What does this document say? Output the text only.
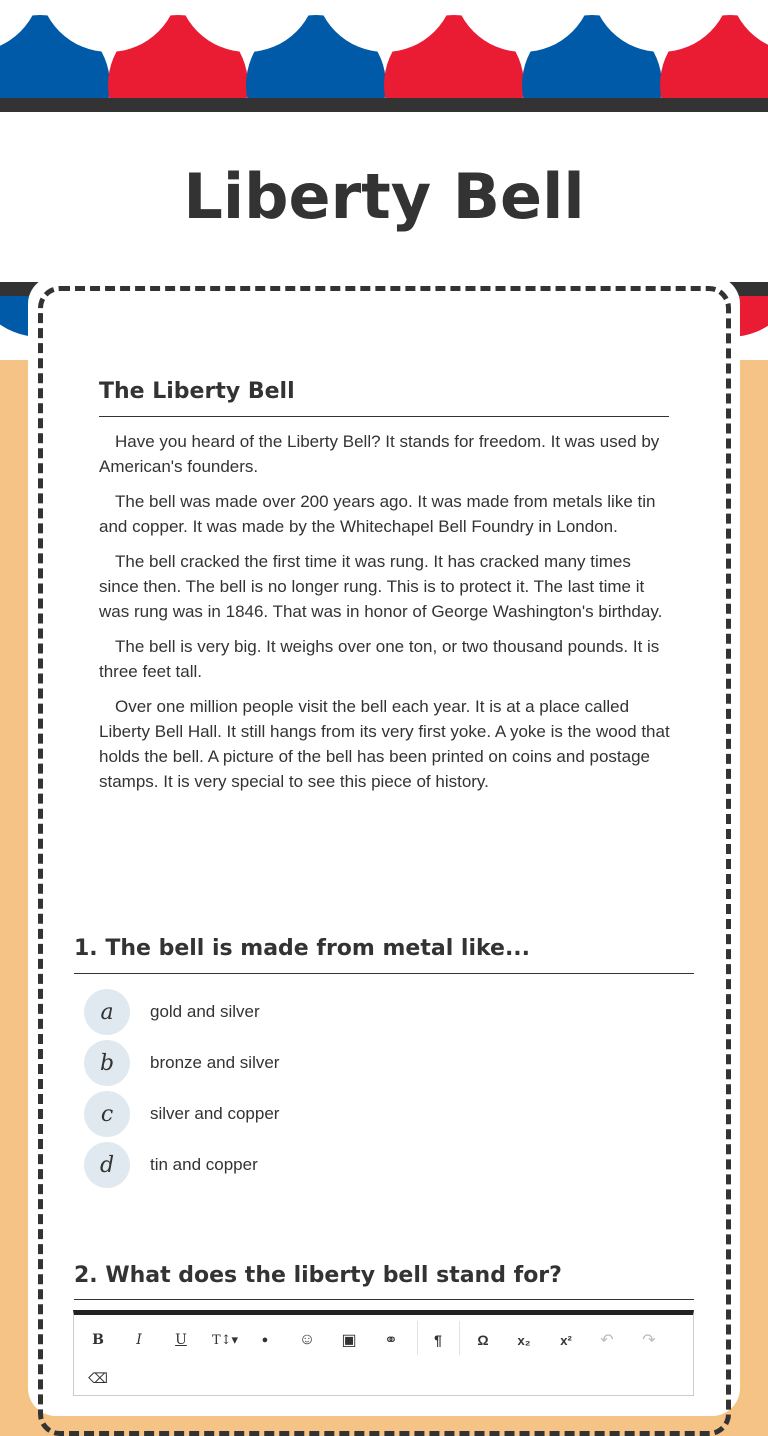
Liberty Bell
The Liberty Bell

Have you heard of the Liberty Bell? It stands for freedom. It was used by American's founders.

The bell was made over 200 years ago. It was made from metals like tin and copper. It was made by the Whitechapel Bell Foundry in London.

The bell cracked the first time it was rung. It has cracked many times since then. The bell is no longer rung. This is to protect it. The last time it was rung was in 1846. That was in honor of George Washington's birthday.

The bell is very big. It weighs over one ton, or two thousand pounds. It is three feet tall.

Over one million people visit the bell each year. It is at a place called Liberty Bell Hall. It still hangs from its very first yoke. A yoke is the wood that holds the bell. A picture of the bell has been printed on coins and postage stamps. It is very special to see this piece of history.

1. The bell is made from metal like...
a	gold and silver
b	bronze and silver
c	silver and copper
d	tin and copper
2. What does the liberty bell stand for?
B	I	U	T↕▾	●	☺	▣	⚭	¶	Ω	x₂	x²	↶	↷
⌫
